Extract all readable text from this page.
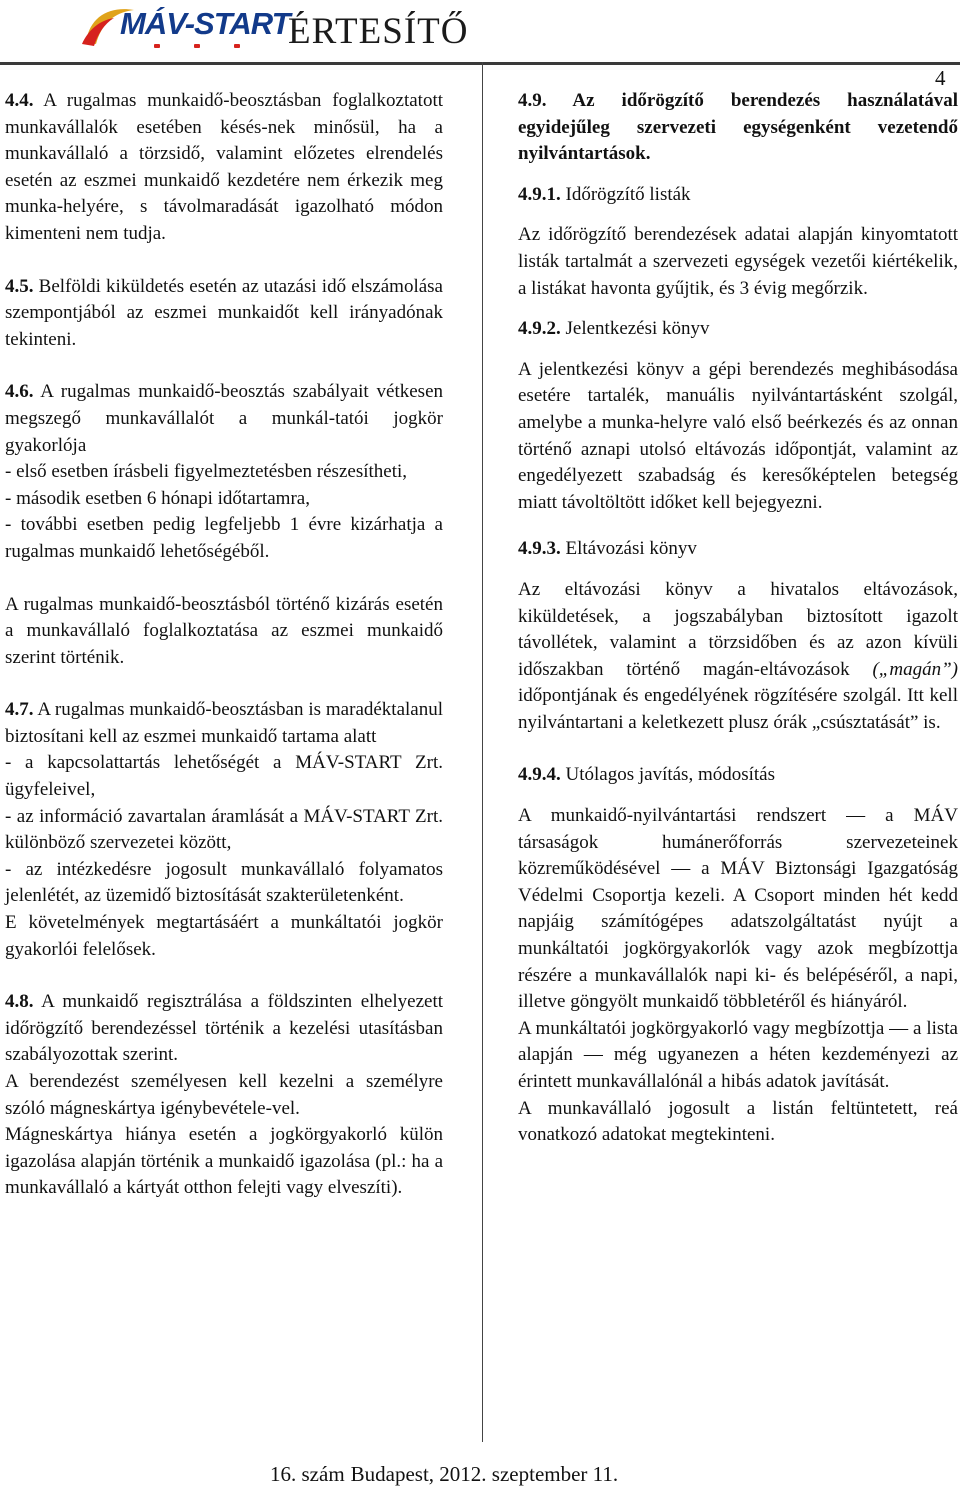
MÁV-START
ÉRTESÍTŐ
4

4.4. A rugalmas munkaidő-beosztásban foglalkoztatott munkavállalók esetében késés-nek minősül, ha a munkavállaló a törzsidő, valamint előzetes elrendelés esetén az eszmei munkaidő kezdetére nem érkezik meg munka-helyére, s távolmaradását igazolható módon kimenteni nem tudja.

4.5. Belföldi kiküldetés esetén az utazási idő elszámolása szempontjából az eszmei munkaidőt kell irányadónak tekinteni.

4.6. A rugalmas munkaidő-beosztás szabályait vétkesen megszegő munkavállalót a munkál-tatói jogkör gyakorlója

- első esetben írásbeli figyelmeztetésben részesítheti,

- második esetben 6 hónapi időtartamra,

- további esetben pedig legfeljebb 1 évre kizárhatja a rugalmas munkaidő lehetőségéből.

A rugalmas munkaidő-beosztásból történő kizárás esetén a munkavállaló foglalkoztatása az eszmei munkaidő szerint történik.

4.7. A rugalmas munkaidő-beosztásban is maradéktalanul biztosítani kell az eszmei munkaidő tartama alatt

- a kapcsolattartás lehetőségét a MÁV-START Zrt. ügyfeleivel,

- az információ zavartalan áramlását a MÁV-START Zrt. különböző szervezetei között,

- az intézkedésre jogosult munkavállaló folyamatos jelenlétét, az üzemidő biztosítását szakterületenként.

E követelmények megtartásáért a munkáltatói jogkör gyakorlói felelősek.

4.8. A munkaidő regisztrálása a földszinten elhelyezett időrögzítő berendezéssel történik a kezelési utasításban szabályozottak szerint.

A berendezést személyesen kell kezelni a személyre szóló mágneskártya igénybevétele-vel.

Mágneskártya hiánya esetén a jogkörgyakorló külön igazolása alapján történik a munkaidő igazolása (pl.: ha a munkavállaló a kártyát otthon felejti vagy elveszíti).

4.9. Az időrögzítő berendezés használatával egyidejűleg szervezeti egységenként vezetendő nyilvántartások.

4.9.1. Időrögzítő listák

Az időrögzítő berendezések adatai alapján kinyomtatott listák tartalmát a szervezeti egységek vezetői kiértékelik, a listákat havonta gyűjtik, és 3 évig megőrzik.

4.9.2. Jelentkezési könyv

A jelentkezési könyv a gépi berendezés meghibásodása esetére tartalék, manuális nyilvántartásként szolgál, amelybe a munka-helyre való első beérkezés és az onnan történő aznapi utolsó eltávozás időpontját, valamint az engedélyezett szabadság és keresőképtelen betegség miatt távoltöltött időket kell bejegyezni.

4.9.3. Eltávozási könyv

Az eltávozási könyv a hivatalos eltávozások, kiküldetések, a jogszabályban biztosított igazolt távollétek, valamint a törzsidőben és az azon kívüli időszakban történő magán-eltávozások („magán”) időpontjának és engedélyének rögzítésére szolgál. Itt kell nyilvántartani a keletkezett plusz órák „csúsztatását” is.

4.9.4. Utólagos javítás, módosítás

A munkaidő-nyilvántartási rendszert ― a MÁV társaságok humánerőforrás szervezeteinek közreműködésével ― a MÁV Biztonsági Igazgatóság Védelmi Csoportja kezeli. A Csoport minden hét kedd napjáig számítógépes adatszolgáltatást nyújt a munkáltatói jogkörgyakorlók vagy azok megbízottja részére a munkavállalók napi ki- és belépéséről, a napi, illetve göngyölt munkaidő többletéről és hiányáról.

A munkáltatói jogkörgyakorló vagy megbízottja ― a lista alapján ― még ugyanezen a héten kezdeményezi az érintett munkavállalónál a hibás adatok javítását.

A munkavállaló jogosult a listán feltüntetett, reá vonatkozó adatokat megtekinteni.

16. szám Budapest, 2012. szeptember 11.
